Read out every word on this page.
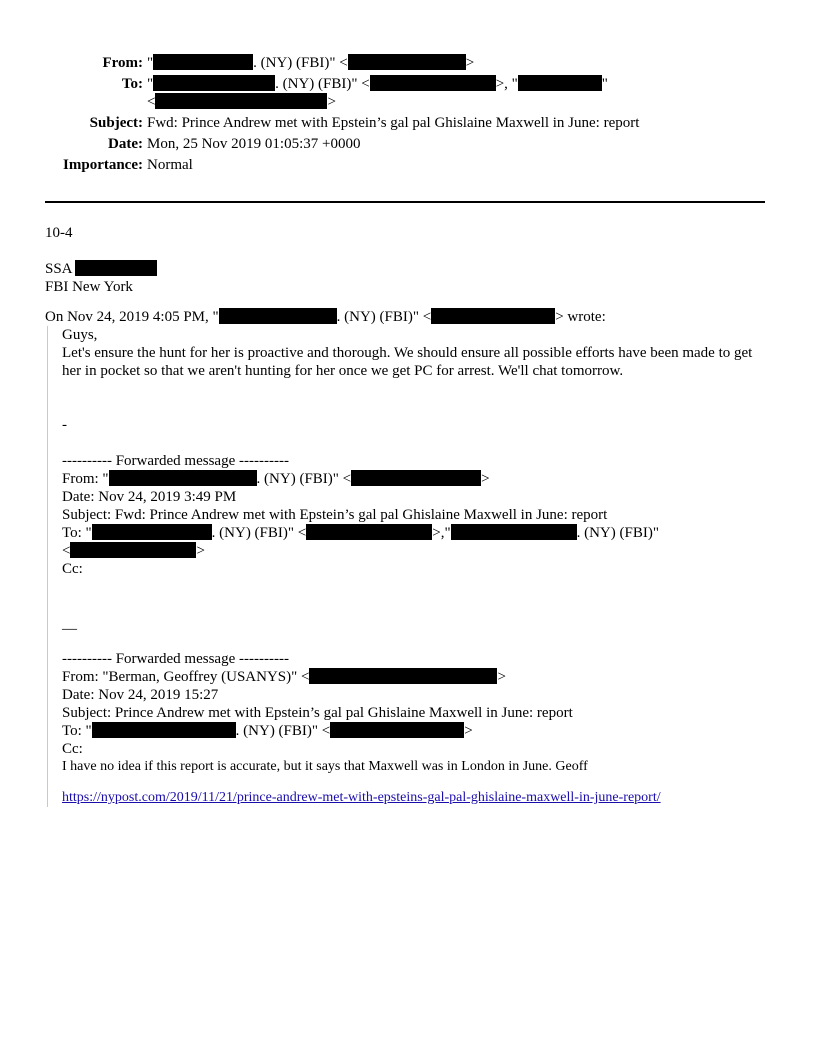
From:	" . (NY) (FBI)" < >
To:	" . (NY) (FBI)" < >, " "
< >
Subject:	Fwd: Prince Andrew met with Epstein’s gal pal Ghislaine Maxwell in June: report
Date:	Mon, 25 Nov 2019 01:05:37 +0000
Importance:	Normal
10-4
SSA
FBI New York
On Nov 24, 2019 4:05 PM, "	. (NY) (FBI)" <	> wrote:
Guys,
Let's ensure the hunt for her is proactive and thorough. We should ensure all possible efforts have been made to get her in pocket so that we aren't hunting for her once we get PC for arrest. We'll chat tomorrow.
-
---------- Forwarded message ----------
From: "	. (NY) (FBI)" <	>
Date: Nov 24, 2019 3:49 PM
Subject: Fwd: Prince Andrew met with Epstein’s gal pal Ghislaine Maxwell in June: report
To: "	. (NY) (FBI)" <	>,"	. (NY) (FBI)"
<	>
Cc:
—
---------- Forwarded message ----------
From: "Berman, Geoffrey (USANYS)" <	>
Date: Nov 24, 2019 15:27
Subject: Prince Andrew met with Epstein’s gal pal Ghislaine Maxwell in June: report
To: "	. (NY) (FBI)" <	>
Cc:
I have no idea if this report is accurate, but it says that Maxwell was in London in June. Geoff
https://nypost.com/2019/11/21/prince-andrew-met-with-epsteins-gal-pal-ghislaine-maxwell-in-june-report/
